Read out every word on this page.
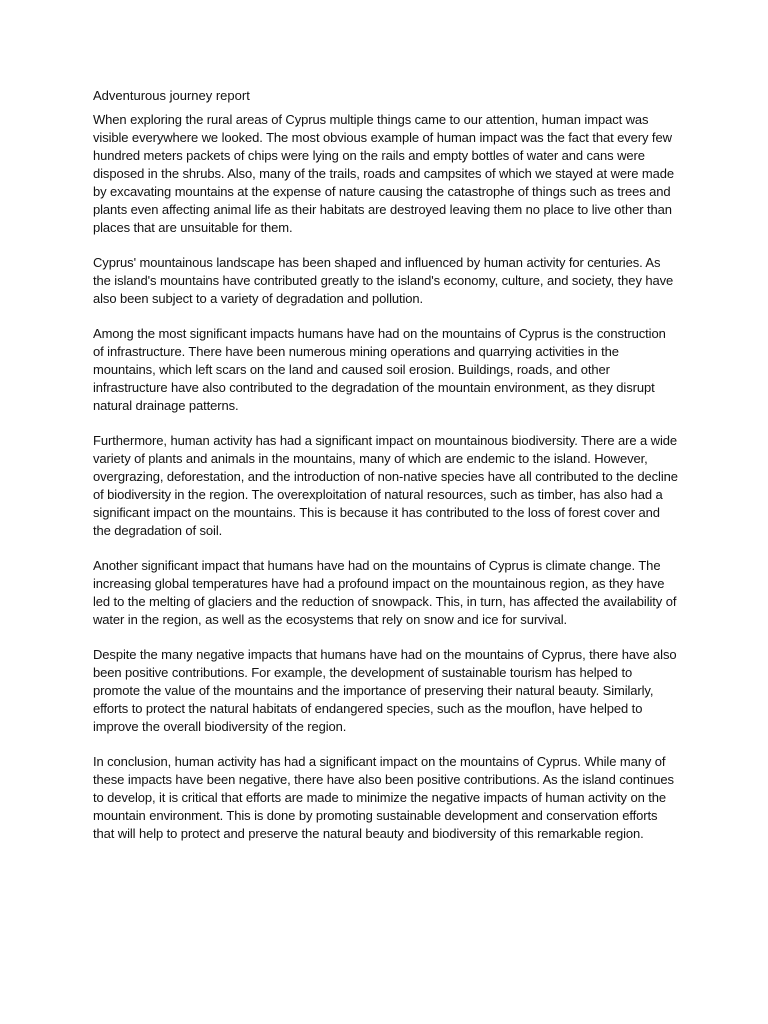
Adventurous journey report

When exploring the rural areas of Cyprus multiple things came to our attention, human impact was visible everywhere we looked. The most obvious example of human impact was the fact that every few hundred meters packets of chips were lying on the rails and empty bottles of water and cans were disposed in the shrubs. Also, many of the trails, roads and campsites of which we stayed at were made by excavating mountains at the expense of nature causing the catastrophe of things such as trees and plants even affecting animal life as their habitats are destroyed leaving them no place to live other than places that are unsuitable for them.

Cyprus' mountainous landscape has been shaped and influenced by human activity for centuries. As the island's mountains have contributed greatly to the island's economy, culture, and society, they have also been subject to a variety of degradation and pollution.

Among the most significant impacts humans have had on the mountains of Cyprus is the construction of infrastructure. There have been numerous mining operations and quarrying activities in the mountains, which left scars on the land and caused soil erosion. Buildings, roads, and other infrastructure have also contributed to the degradation of the mountain environment, as they disrupt natural drainage patterns.

Furthermore, human activity has had a significant impact on mountainous biodiversity. There are a wide variety of plants and animals in the mountains, many of which are endemic to the island. However, overgrazing, deforestation, and the introduction of non-native species have all contributed to the decline of biodiversity in the region. The overexploitation of natural resources, such as timber, has also had a significant impact on the mountains. This is because it has contributed to the loss of forest cover and the degradation of soil.

Another significant impact that humans have had on the mountains of Cyprus is climate change. The increasing global temperatures have had a profound impact on the mountainous region, as they have led to the melting of glaciers and the reduction of snowpack. This, in turn, has affected the availability of water in the region, as well as the ecosystems that rely on snow and ice for survival.

Despite the many negative impacts that humans have had on the mountains of Cyprus, there have also been positive contributions. For example, the development of sustainable tourism has helped to promote the value of the mountains and the importance of preserving their natural beauty. Similarly, efforts to protect the natural habitats of endangered species, such as the mouflon, have helped to improve the overall biodiversity of the region.

In conclusion, human activity has had a significant impact on the mountains of Cyprus. While many of these impacts have been negative, there have also been positive contributions. As the island continues to develop, it is critical that efforts are made to minimize the negative impacts of human activity on the mountain environment. This is done by promoting sustainable development and conservation efforts that will help to protect and preserve the natural beauty and biodiversity of this remarkable region.
